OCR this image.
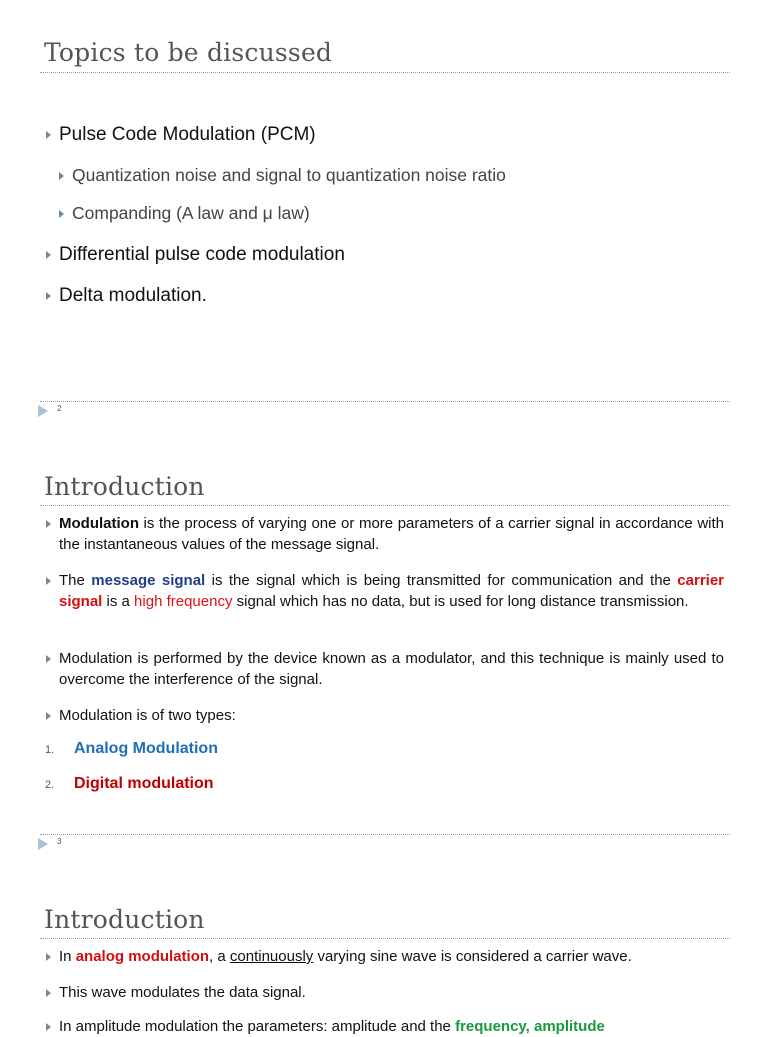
Topics to be discussed
Pulse Code Modulation (PCM)
Quantization noise and signal to quantization noise ratio
Companding (A law and μ law)
Differential pulse code modulation
Delta modulation.
2
Introduction
Modulation is the process of varying one or more parameters of a carrier signal in accordance with the instantaneous values of the message signal.
The message signal is the signal which is being transmitted for communication and the carrier signal is a high frequency signal which has no data, but is used for long distance transmission.
Modulation is performed by the device known as a modulator, and this technique is mainly used to overcome the interference of the signal.
Modulation is of two types:
1.	Analog Modulation
2.	Digital modulation
3
Introduction
In analog modulation, a continuously varying sine wave is considered a carrier wave.
This wave modulates the data signal.
In amplitude modulation the parameters: amplitude and the frequency, amplitude
